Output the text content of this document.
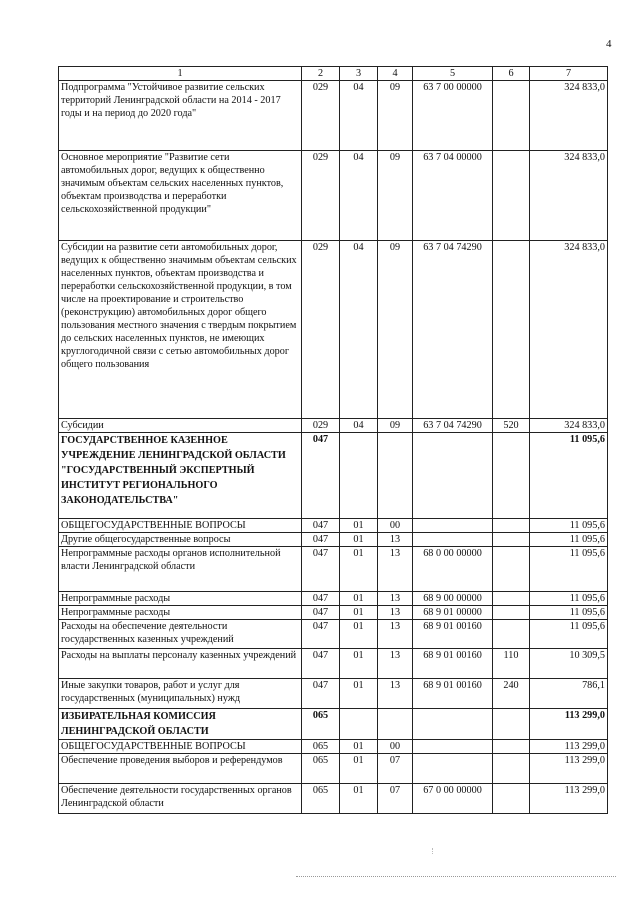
4
1	2	3	4	5	6	7
Подпрограмма "Устойчивое развитие сельских территорий Ленинградской области на 2014 - 2017 годы и на период до 2020 года"	029	04	09	63 7 00 00000		324 833,0
Основное мероприятие "Развитие сети автомобильных дорог, ведущих к общественно значимым объектам сельских населенных пунктов, объектам производства и переработки сельскохозяйственной продукции"	029	04	09	63 7 04 00000		324 833,0
Субсидии на развитие сети автомобильных дорог, ведущих к общественно значимым объектам сельских населенных пунктов, объектам производства и переработки сельскохозяйственной продукции, в том числе на проектирование и строительство (реконструкцию) автомобильных дорог общего пользования местного значения с твердым покрытием до сельских населенных пунктов, не имеющих круглогодичной связи с сетью автомобильных дорог общего пользования	029	04	09	63 7 04 74290		324 833,0
Субсидии	029	04	09	63 7 04 74290	520	324 833,0
ГОСУДАРСТВЕННОЕ КАЗЕННОЕ УЧРЕЖДЕНИЕ ЛЕНИНГРАДСКОЙ ОБЛАСТИ "ГОСУДАРСТВЕННЫЙ ЭКСПЕРТНЫЙ ИНСТИТУТ РЕГИОНАЛЬНОГО ЗАКОНОДАТЕЛЬСТВА"	047					11 095,6
ОБЩЕГОСУДАРСТВЕННЫЕ ВОПРОСЫ	047	01	00			11 095,6
Другие общегосударственные вопросы	047	01	13			11 095,6
Непрограммные расходы органов исполнительной власти Ленинградской области	047	01	13	68 0 00 00000		11 095,6
Непрограммные расходы	047	01	13	68 9 00 00000		11 095,6
Непрограммные расходы	047	01	13	68 9 01 00000		11 095,6
Расходы на обеспечение деятельности государственных казенных учреждений	047	01	13	68 9 01 00160		11 095,6
Расходы на выплаты персоналу казенных учреждений	047	01	13	68 9 01 00160	110	10 309,5
Иные закупки товаров, работ и услуг для государственных (муниципальных) нужд	047	01	13	68 9 01 00160	240	786,1
ИЗБИРАТЕЛЬНАЯ КОМИССИЯ ЛЕНИНГРАДСКОЙ ОБЛАСТИ	065					113 299,0
ОБЩЕГОСУДАРСТВЕННЫЕ ВОПРОСЫ	065	01	00			113 299,0
Обеспечение проведения выборов и референдумов	065	01	07			113 299,0
Обеспечение деятельности государственных органов Ленинградской области	065	01	07	67 0 00 00000		113 299,0
